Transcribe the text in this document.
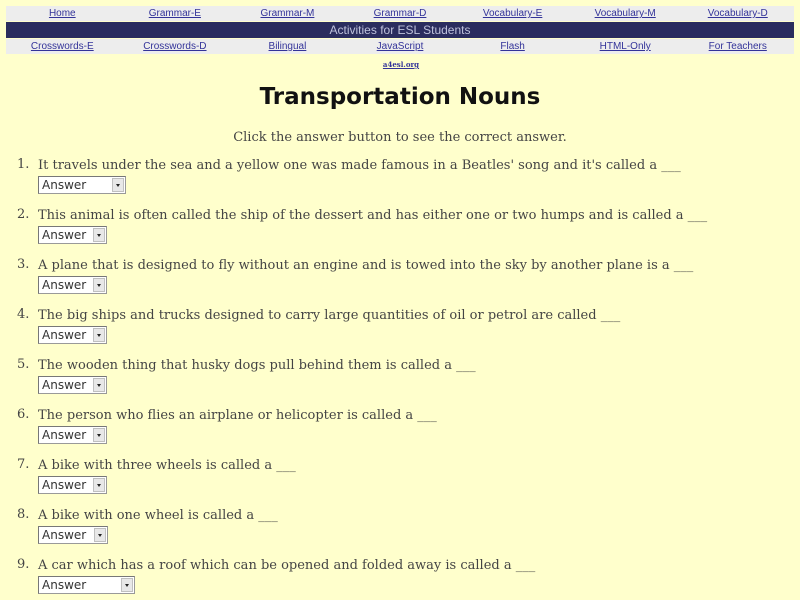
Home	Grammar-E	Grammar-M	Grammar-D	Vocabulary-E	Vocabulary-M	Vocabulary-D
Activities for ESL Students
Crosswords-E	Crosswords-D	Bilingual	JavaScript	Flash	HTML-Only	For Teachers
a4esl.org
Transportation Nouns
Click the answer button to see the correct answer.
1. It travels under the sea and a yellow one was made famous in a Beatles' song and it's called a ___
Answer
2. This animal is often called the ship of the dessert and has either one or two humps and is called a ___
Answer
3. A plane that is designed to fly without an engine and is towed into the sky by another plane is a ___
Answer
4. The big ships and trucks designed to carry large quantities of oil or petrol are called ___
Answer
5. The wooden thing that husky dogs pull behind them is called a ___
Answer
6. The person who flies an airplane or helicopter is called a ___
Answer
7. A bike with three wheels is called a ___
Answer
8. A bike with one wheel is called a ___
Answer
9. A car which has a roof which can be opened and folded away is called a ___
Answer
